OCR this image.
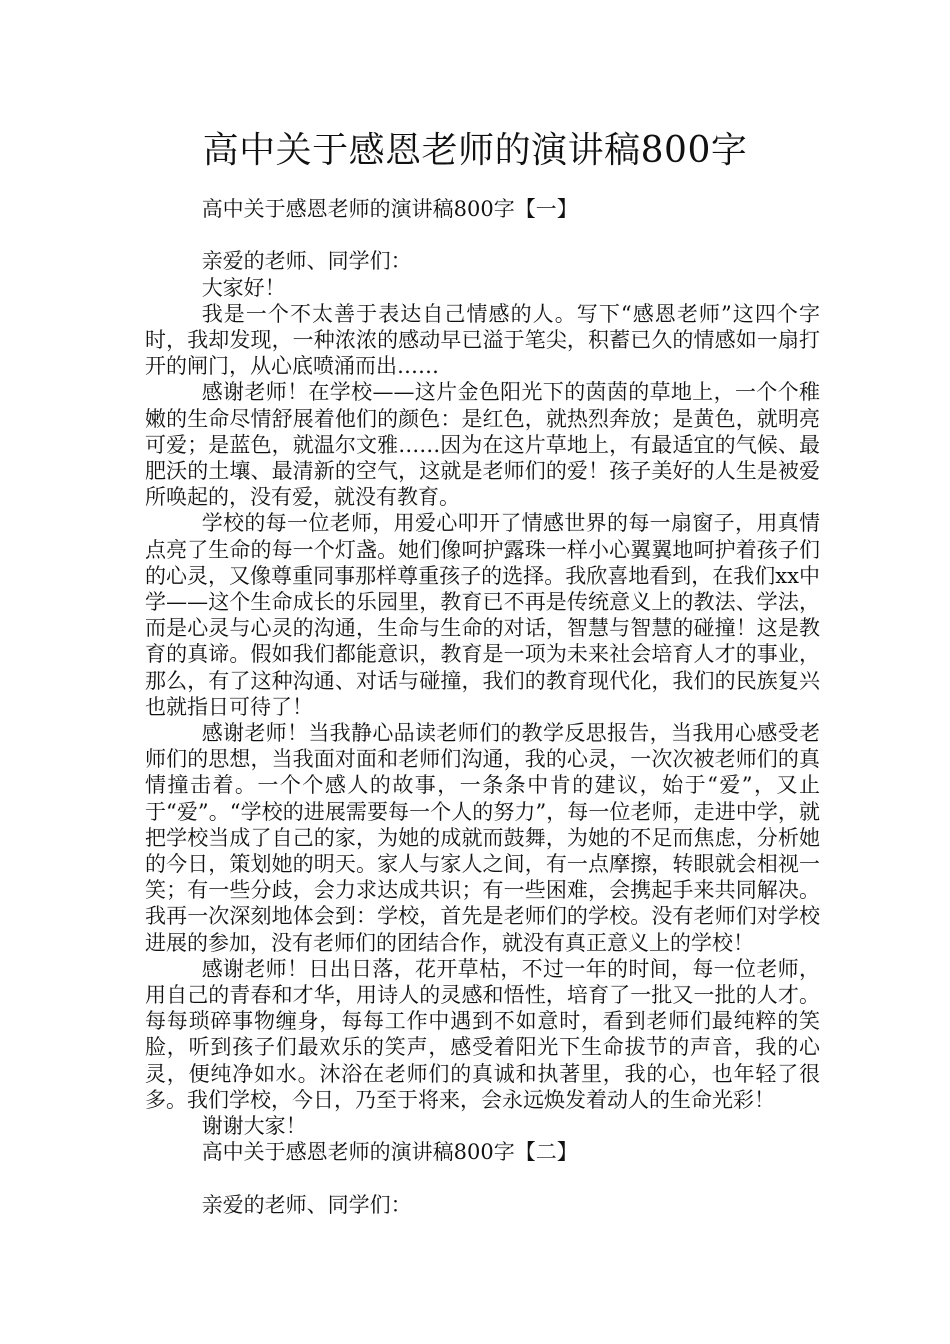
高中关于感恩老师的演讲稿800字

高中关于感恩老师的演讲稿800字【一】

亲爱的老师、同学们：

大家好！

我是一个不太善于表达自己情感的人。写下“感恩老师”这四个字时，我却发现，一种浓浓的感动早已溢于笔尖，积蓄已久的情感如一扇打开的闸门，从心底喷涌而出……

感谢老师！在学校——这片金色阳光下的茵茵的草地上，一个个稚嫩的生命尽情舒展着他们的颜色：是红色，就热烈奔放；是黄色，就明亮可爱；是蓝色，就温尔文雅……因为在这片草地上，有最适宜的气候、最肥沃的土壤、最清新的空气，这就是老师们的爱！孩子美好的人生是被爱所唤起的，没有爱，就没有教育。

学校的每一位老师，用爱心叩开了情感世界的每一扇窗子，用真情点亮了生命的每一个灯盏。她们像呵护露珠一样小心翼翼地呵护着孩子们的心灵，又像尊重同事那样尊重孩子的选择。我欣喜地看到，在我们xx中学——这个生命成长的乐园里，教育已不再是传统意义上的教法、学法，而是心灵与心灵的沟通，生命与生命的对话，智慧与智慧的碰撞！这是教育的真谛。假如我们都能意识，教育是一项为未来社会培育人才的事业，那么，有了这种沟通、对话与碰撞，我们的教育现代化，我们的民族复兴也就指日可待了！

感谢老师！当我静心品读老师们的教学反思报告，当我用心感受老师们的思想，当我面对面和老师们沟通，我的心灵，一次次被老师们的真情撞击着。一个个感人的故事，一条条中肯的建议，始于“爱”，又止于“爱”。“学校的进展需要每一个人的努力”，每一位老师，走进中学，就把学校当成了自己的家，为她的成就而鼓舞，为她的不足而焦虑，分析她的今日，策划她的明天。家人与家人之间，有一点摩擦，转眼就会相视一笑；有一些分歧，会力求达成共识；有一些困难，会携起手来共同解决。我再一次深刻地体会到：学校，首先是老师们的学校。没有老师们对学校进展的参加，没有老师们的团结合作，就没有真正意义上的学校！

感谢老师！日出日落，花开草枯，不过一年的时间，每一位老师，用自己的青春和才华，用诗人的灵感和悟性，培育了一批又一批的人才。每每琐碎事物缠身，每每工作中遇到不如意时，看到老师们最纯粹的笑脸，听到孩子们最欢乐的笑声，感受着阳光下生命拔节的声音，我的心灵，便纯净如水。沐浴在老师们的真诚和执著里，我的心，也年轻了很多。我们学校，今日，乃至于将来，会永远焕发着动人的生命光彩！

谢谢大家！

高中关于感恩老师的演讲稿800字【二】

亲爱的老师、同学们：
